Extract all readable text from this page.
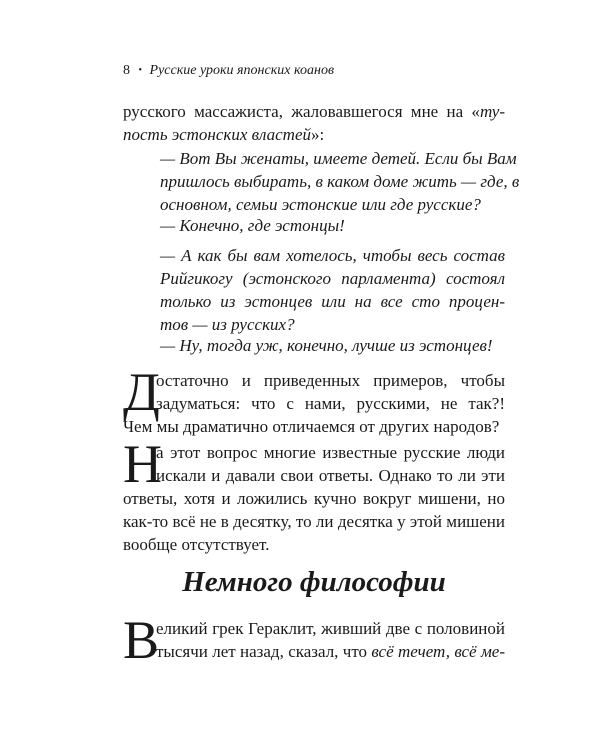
8 • Русские уроки японских коанов
русского массажиста, жаловавшегося мне на «ту-
пость эстонских властей»:
— Вот Вы женаты, имеете детей. Если бы Вам
пришлось выбирать, в каком доме жить — где, в
основном, семьи эстонские или где русские?
— Конечно, где эстонцы!
— А как бы вам хотелось, чтобы весь состав
Рийгикогу (эстонского парламента) состоял
только из эстонцев или на все сто процен-
тов — из русских?
— Ну, тогда уж, конечно, лучше из эстонцев!
Д
остаточно и приведенных примеров, чтобы
задуматься: что с нами, русскими, не так?!
Чем мы драматично отличаемся от других народов?
Н
а этот вопрос многие известные русские люди
искали и давали свои ответы. Однако то ли эти
ответы, хотя и ложились кучно вокруг мишени, но
как-то всё не в десятку, то ли десятка у этой мишени
вообще отсутствует.
Немного философии
В
еликий грек Гераклит, живший две с половиной
тысячи лет назад, сказал, что всё течет, всё ме-
